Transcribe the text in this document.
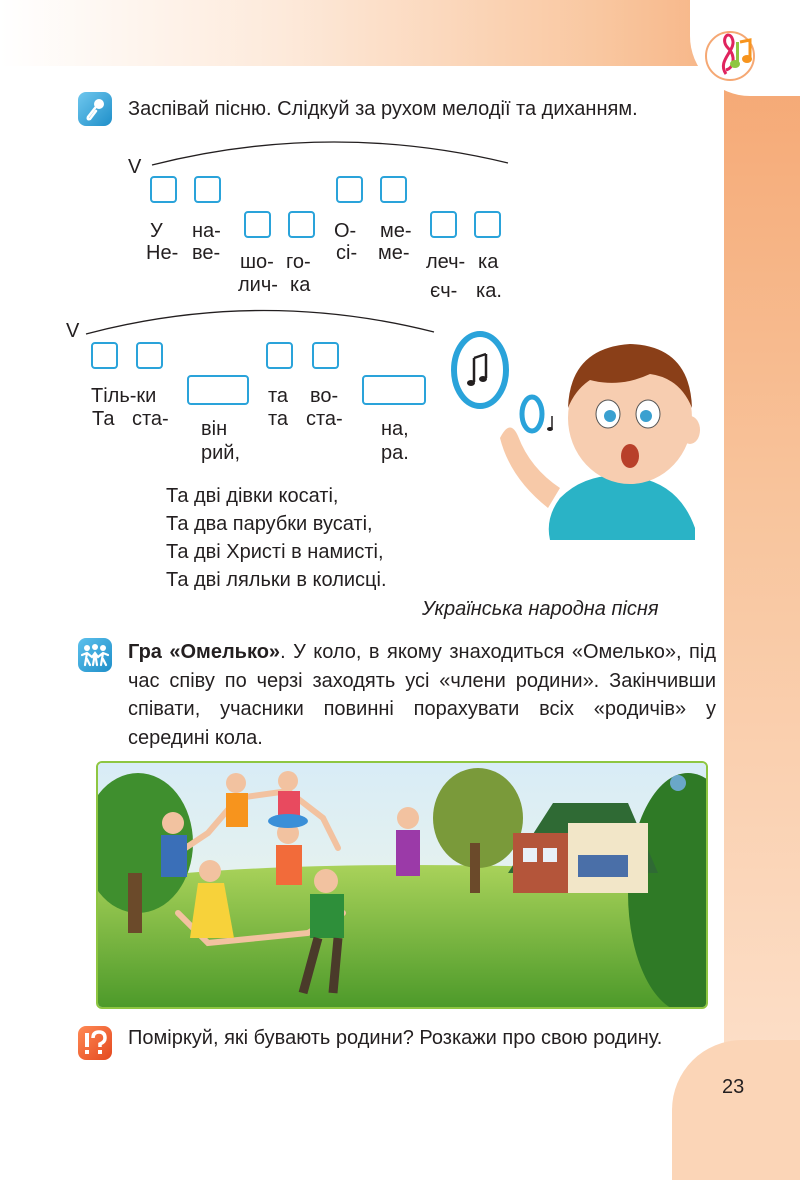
23
Заспівай пісню. Слідкуй за рухом мелодії та диханням.
V
У на-
Не- ве- шо- го-
лич- ка
О- ме-
сі- ме- леч- ка
єч- ка.
V
Тіль-ки
Та ста- він
рий,
та во-
та ста- на,
ра.
Та дві дівки косаті,
Та два парубки вусаті,
Та дві Христі в намисті,
Та дві ляльки в колисці.
Українська народна пісня
Гра «Омелько». У коло, в якому знаходиться «Омелько», під час співу по черзі заходять усі «члени родини». Закінчивши співати, учасники повинні порахувати всіх «родичів» у середині кола.
Поміркуй, які бувають родини? Розкажи про свою родину.
